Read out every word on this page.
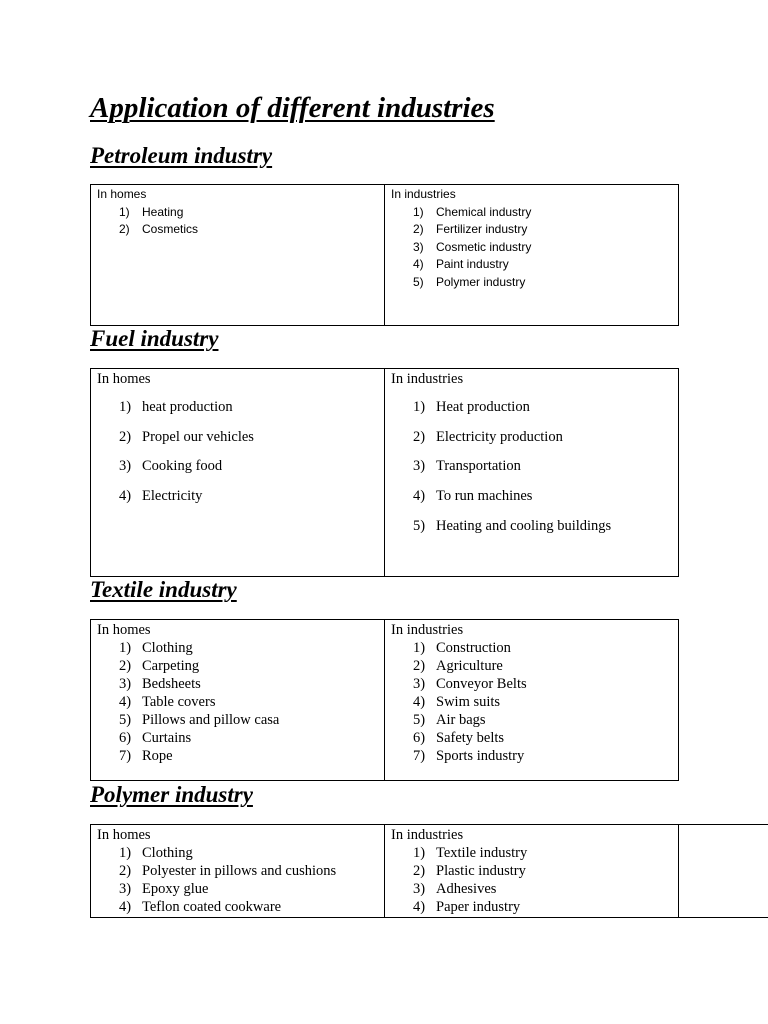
Application of different industries
Petroleum industry
In homes
1) Heating
2) Cosmetics

In industries
1) Chemical industry
2) Fertilizer industry
3) Cosmetic industry
4) Paint industry
5) Polymer industry
Fuel industry
In homes
1) heat production
2) Propel our vehicles
3) Cooking food
4) Electricity

In industries
1) Heat production
2) Electricity production
3) Transportation
4) To run machines
5) Heating and cooling buildings
Textile industry
In homes
1) Clothing
2) Carpeting
3) Bedsheets
4) Table covers
5) Pillows and pillow casa
6) Curtains
7) Rope

In industries
1) Construction
2) Agriculture
3) Conveyor Belts
4) Swim suits
5) Air bags
6) Safety belts
7) Sports industry
Polymer industry
In homes
1) Clothing
2) Polyester in pillows and cushions
3) Epoxy glue
4) Teflon coated cookware

In industries
1) Textile industry
2) Plastic industry
3) Adhesives
4) Paper industry
